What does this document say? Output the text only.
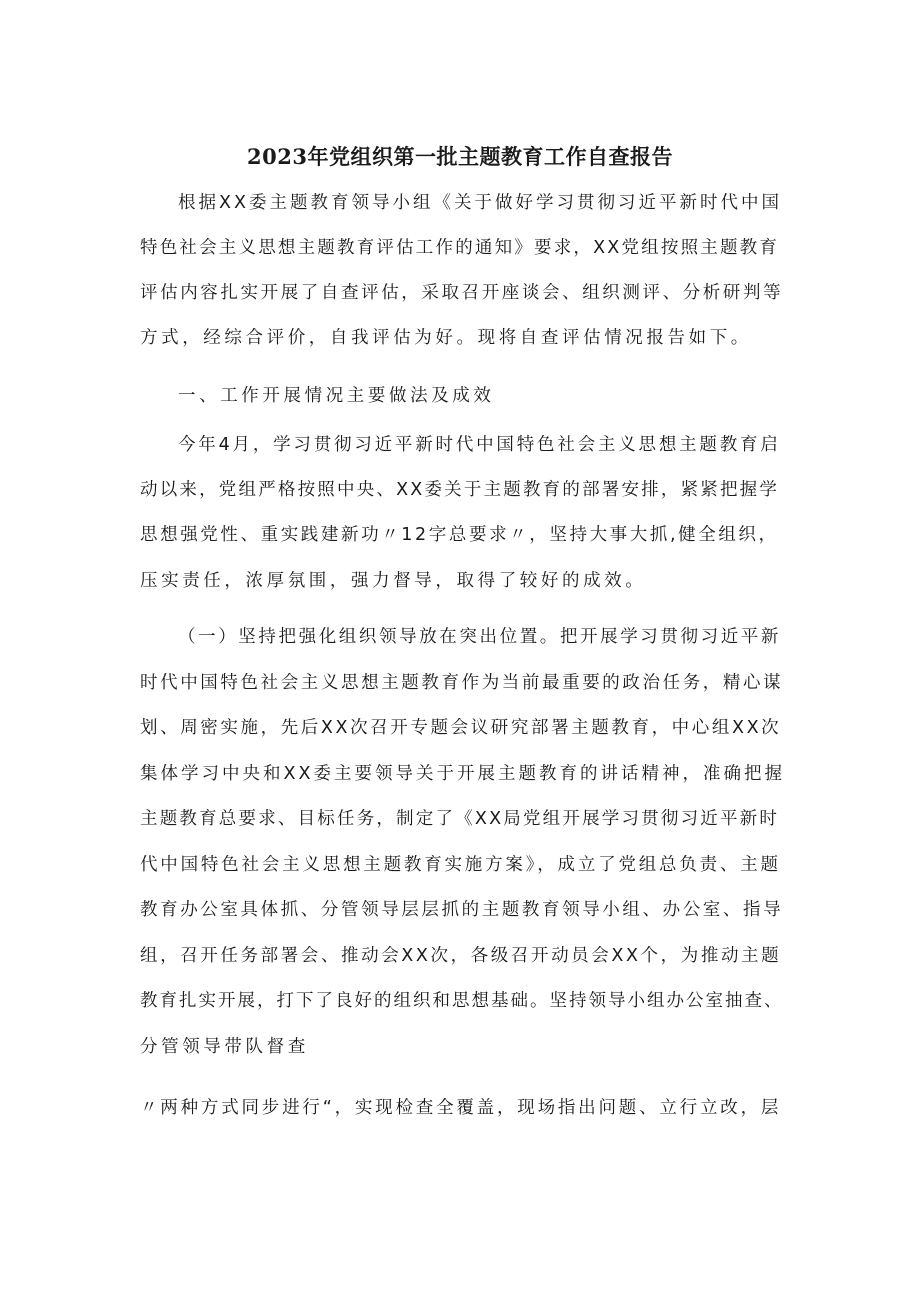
2023年党组织第一批主题教育工作自查报告

根据XX委主题教育领导小组《关于做好学习贯彻习近平新时代中国

特色社会主义思想主题教育评估工作的通知》要求，XX党组按照主题教育

评估内容扎实开展了自查评估，采取召开座谈会、组织测评、分析研判等

方式，经综合评价，自我评估为好。现将自查评估情况报告如下。

一、工作开展情况主要做法及成效

今年4月，学习贯彻习近平新时代中国特色社会主义思想主题教育启

动以来，党组严格按照中央、XX委关于主题教育的部署安排，紧紧把握学

思想强党性、重实践建新功〃12字总要求〃，坚持大事大抓,健全组织，

压实责任，浓厚氛围，强力督导，取得了较好的成效。

（一）坚持把强化组织领导放在突出位置。把开展学习贯彻习近平新

时代中国特色社会主义思想主题教育作为当前最重要的政治任务，精心谋

划、周密实施，先后XX次召开专题会议研究部署主题教育，中心组XX次

集体学习中央和XX委主要领导关于开展主题教育的讲话精神，准确把握

主题教育总要求、目标任务，制定了《XX局党组开展学习贯彻习近平新时

代中国特色社会主义思想主题教育实施方案》，成立了党组总负责、主题

教育办公室具体抓、分管领导层层抓的主题教育领导小组、办公室、指导

组，召开任务部署会、推动会XX次，各级召开动员会XX个，为推动主题

教育扎实开展，打下了良好的组织和思想基础。坚持领导小组办公室抽查、

分管领导带队督查

〃两种方式同步进行“，实现检查全覆盖，现场指出问题、立行立改，层
